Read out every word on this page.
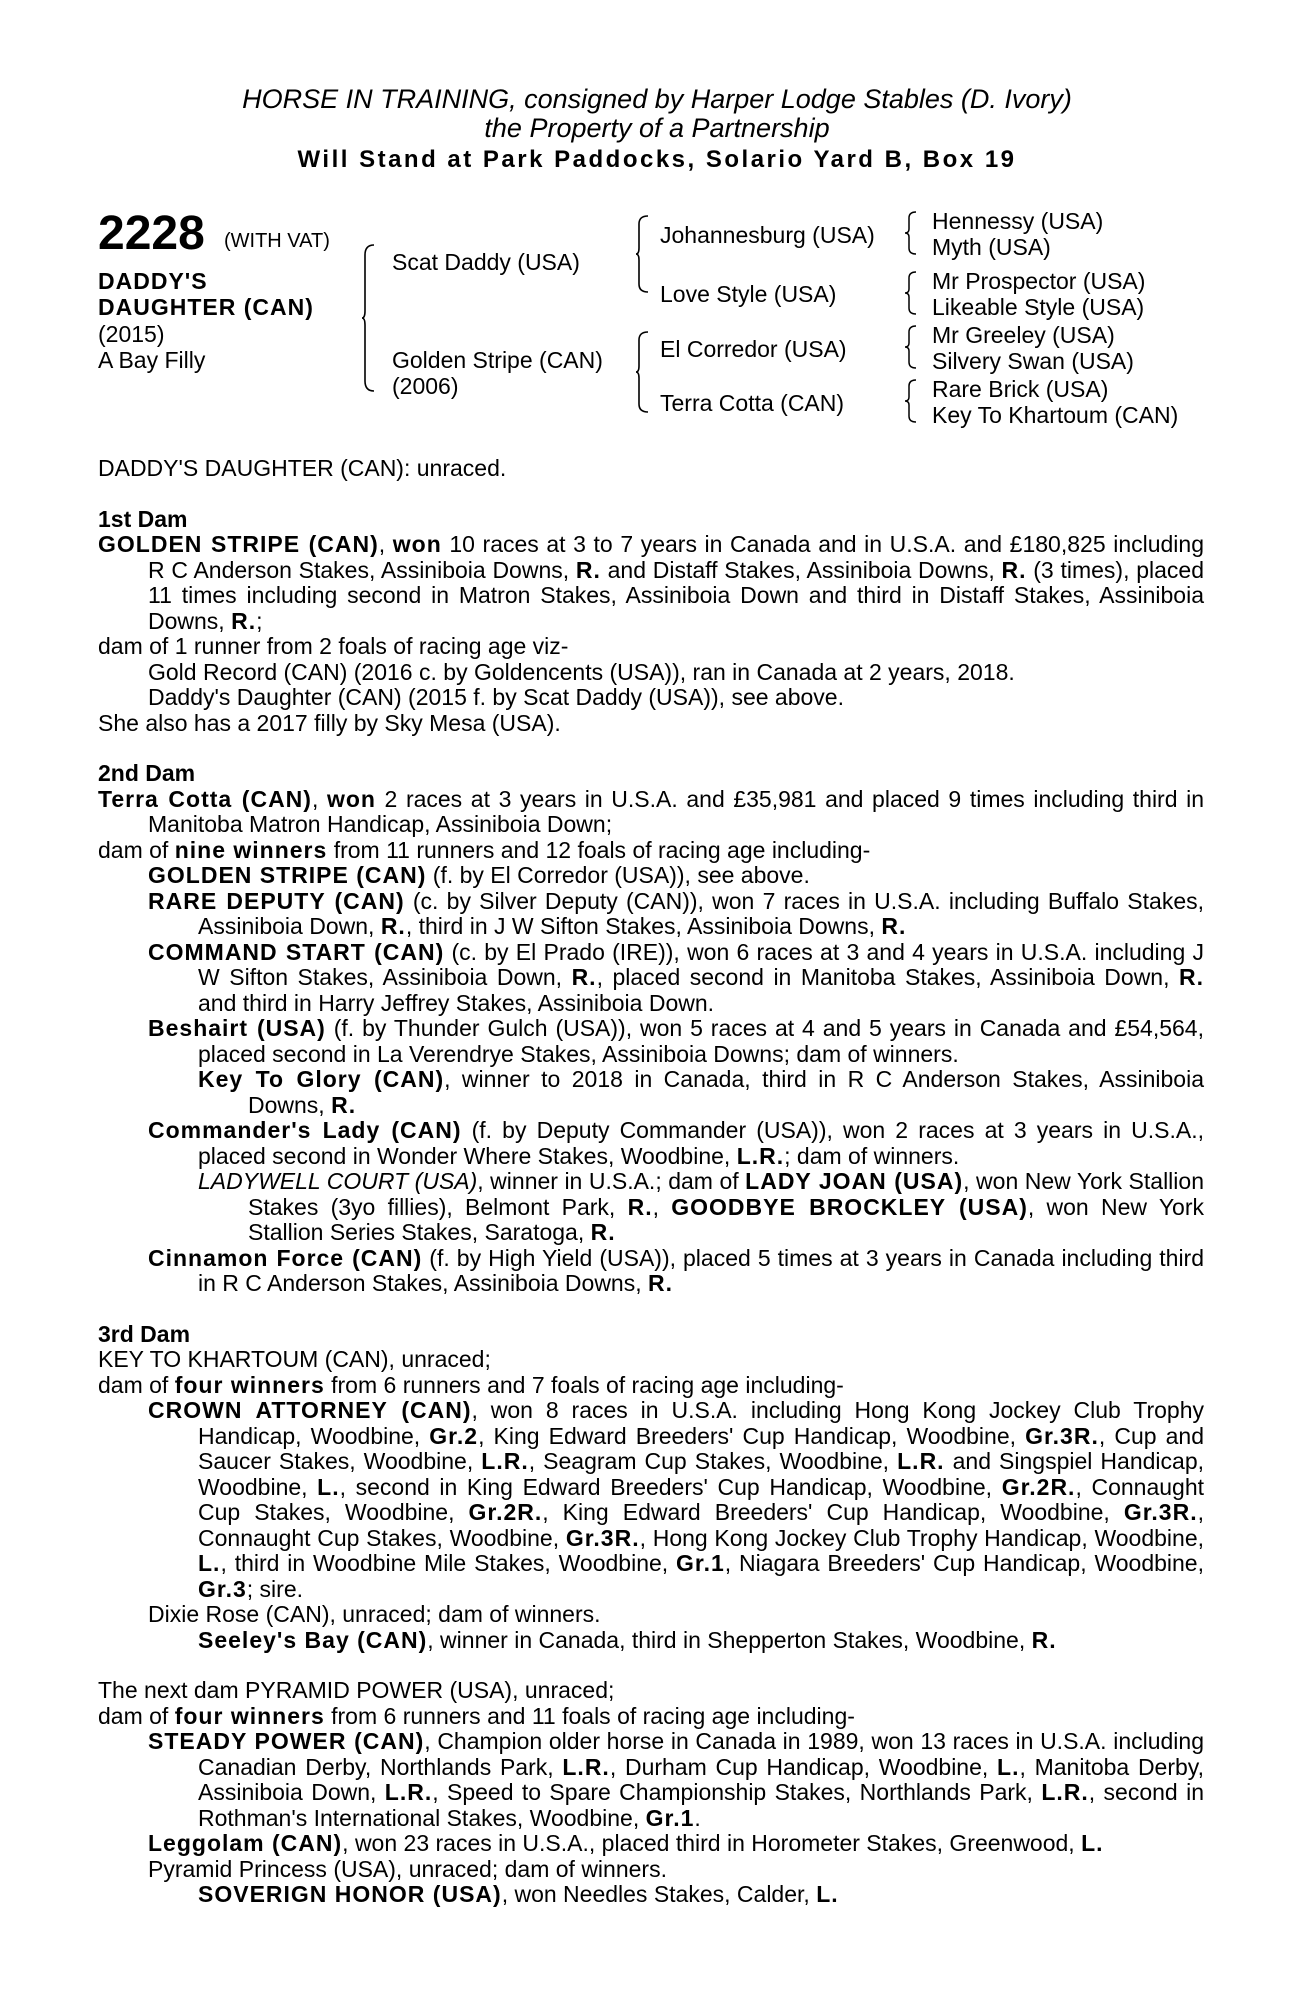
HORSE IN TRAINING, consigned by Harper Lodge Stables (D. Ivory)
the Property of a Partnership
Will Stand at Park Paddocks, Solario Yard B, Box 19
2228 (WITH VAT)
DADDY'S
DAUGHTER (CAN)
(2015)
A Bay Filly
Scat Daddy (USA)
Golden Stripe (CAN)
(2006)
Johannesburg (USA)
Love Style (USA)
El Corredor (USA)
Terra Cotta (CAN)
Hennessy (USA)
Myth (USA)
Mr Prospector (USA)
Likeable Style (USA)
Mr Greeley (USA)
Silvery Swan (USA)
Rare Brick (USA)
Key To Khartoum (CAN)
DADDY'S DAUGHTER (CAN): unraced.
1st Dam
GOLDEN STRIPE (CAN), won 10 races at 3 to 7 years in Canada and in U.S.A. and £180,825 including R C Anderson Stakes, Assiniboia Downs, R. and Distaff Stakes, Assiniboia Downs, R. (3 times), placed 11 times including second in Matron Stakes, Assiniboia Down and third in Distaff Stakes, Assiniboia Downs, R.;
dam of 1 runner from 2 foals of racing age viz-
Gold Record (CAN) (2016 c. by Goldencents (USA)), ran in Canada at 2 years, 2018.
Daddy's Daughter (CAN) (2015 f. by Scat Daddy (USA)), see above.
She also has a 2017 filly by Sky Mesa (USA).
2nd Dam
Terra Cotta (CAN), won 2 races at 3 years in U.S.A. and £35,981 and placed 9 times including third in Manitoba Matron Handicap, Assiniboia Down;
dam of nine winners from 11 runners and 12 foals of racing age including-
GOLDEN STRIPE (CAN) (f. by El Corredor (USA)), see above.
RARE DEPUTY (CAN) (c. by Silver Deputy (CAN)), won 7 races in U.S.A. including Buffalo Stakes, Assiniboia Down, R., third in J W Sifton Stakes, Assiniboia Downs, R.
COMMAND START (CAN) (c. by El Prado (IRE)), won 6 races at 3 and 4 years in U.S.A. including J W Sifton Stakes, Assiniboia Down, R., placed second in Manitoba Stakes, Assiniboia Down, R. and third in Harry Jeffrey Stakes, Assiniboia Down.
Beshairt (USA) (f. by Thunder Gulch (USA)), won 5 races at 4 and 5 years in Canada and £54,564, placed second in La Verendrye Stakes, Assiniboia Downs; dam of winners.
Key To Glory (CAN), winner to 2018 in Canada, third in R C Anderson Stakes, Assiniboia Downs, R.
Commander's Lady (CAN) (f. by Deputy Commander (USA)), won 2 races at 3 years in U.S.A., placed second in Wonder Where Stakes, Woodbine, L.R.; dam of winners.
LADYWELL COURT (USA), winner in U.S.A.; dam of LADY JOAN (USA), won New York Stallion Stakes (3yo fillies), Belmont Park, R., GOODBYE BROCKLEY (USA), won New York Stallion Series Stakes, Saratoga, R.
Cinnamon Force (CAN) (f. by High Yield (USA)), placed 5 times at 3 years in Canada including third in R C Anderson Stakes, Assiniboia Downs, R.
3rd Dam
KEY TO KHARTOUM (CAN), unraced;
dam of four winners from 6 runners and 7 foals of racing age including-
CROWN ATTORNEY (CAN), won 8 races in U.S.A. including Hong Kong Jockey Club Trophy Handicap, Woodbine, Gr.2, King Edward Breeders' Cup Handicap, Woodbine, Gr.3R., Cup and Saucer Stakes, Woodbine, L.R., Seagram Cup Stakes, Woodbine, L.R. and Singspiel Handicap, Woodbine, L., second in King Edward Breeders' Cup Handicap, Woodbine, Gr.2R., Connaught Cup Stakes, Woodbine, Gr.2R., King Edward Breeders' Cup Handicap, Woodbine, Gr.3R., Connaught Cup Stakes, Woodbine, Gr.3R., Hong Kong Jockey Club Trophy Handicap, Woodbine, L., third in Woodbine Mile Stakes, Woodbine, Gr.1, Niagara Breeders' Cup Handicap, Woodbine, Gr.3; sire.
Dixie Rose (CAN), unraced; dam of winners.
Seeley's Bay (CAN), winner in Canada, third in Shepperton Stakes, Woodbine, R.
The next dam PYRAMID POWER (USA), unraced;
dam of four winners from 6 runners and 11 foals of racing age including-
STEADY POWER (CAN), Champion older horse in Canada in 1989, won 13 races in U.S.A. including Canadian Derby, Northlands Park, L.R., Durham Cup Handicap, Woodbine, L., Manitoba Derby, Assiniboia Down, L.R., Speed to Spare Championship Stakes, Northlands Park, L.R., second in Rothman's International Stakes, Woodbine, Gr.1.
Leggolam (CAN), won 23 races in U.S.A., placed third in Horometer Stakes, Greenwood, L.
Pyramid Princess (USA), unraced; dam of winners.
SOVERIGN HONOR (USA), won Needles Stakes, Calder, L.
